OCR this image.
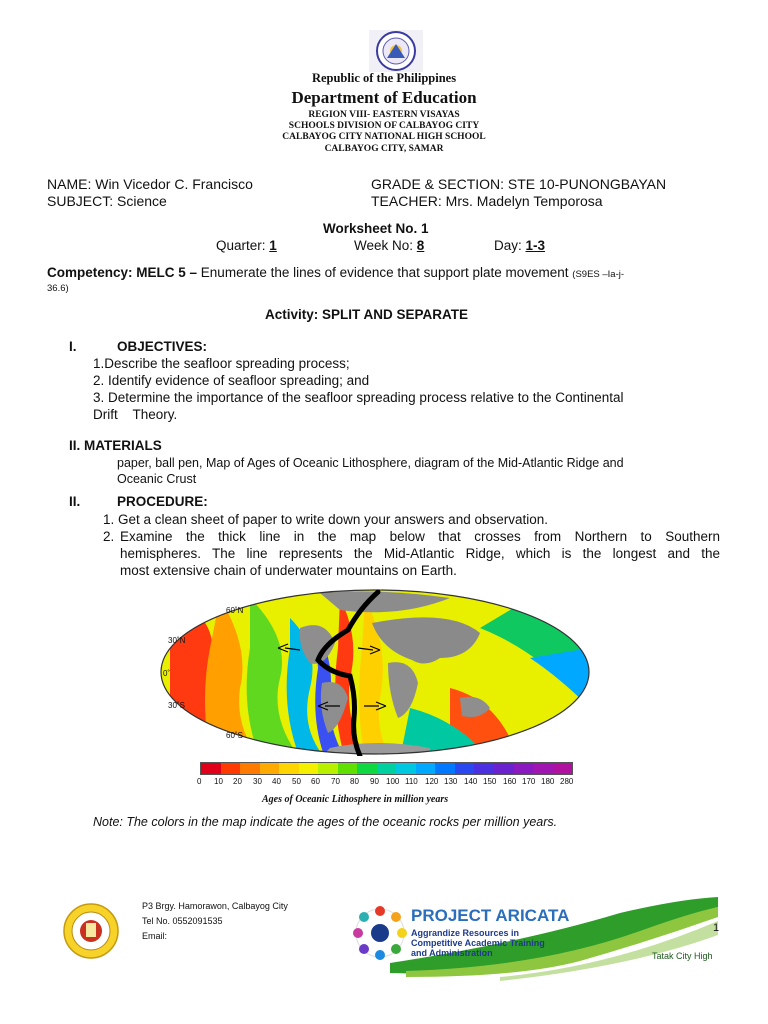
Republic of the Philippines
Department of Education
REGION VIII- EASTERN VISAYAS
SCHOOLS DIVISION OF CALBAYOG CITY
CALBAYOG CITY NATIONAL HIGH SCHOOL
CALBAYOG CITY, SAMAR
NAME: Win Vicedor C. Francisco
SUBJECT: Science
GRADE & SECTION: STE 10-PUNONGBAYAN
TEACHER: Mrs. Madelyn Temporosa
Worksheet No. 1
Quarter: 1	Week No: 8	Day: 1-3
Competency: MELC 5 – Enumerate the lines of evidence that support plate movement (S9ES –Ia-j-
36.6)
Activity: SPLIT AND SEPARATE
I.	OBJECTIVES:
1.Describe the seafloor spreading process;
2. Identify evidence of seafloor spreading; and
3. Determine the importance of the seafloor spreading process relative to the Continental
Drift    Theory.
II. MATERIALS
paper, ball pen, Map of Ages of Oceanic Lithosphere, diagram of the Mid-Atlantic Ridge and
Oceanic Crust
II.	PROCEDURE:
1. Get a clean sheet of paper to write down your answers and observation.
2. Examine the thick line in the map below that crosses from Northern to Southern
hemispheres. The line represents the Mid-Atlantic Ridge, which is the longest and the
most extensive chain of underwater mountains on Earth.
60˚N
30˚N
0˚
30˚S
60˚S
0 10 20 30 40 50 60 70 80 90 100 110 120 130 140 150 160 170 180 280
Ages of Oceanic Lithosphere in million years
Note: The colors in the map indicate the ages of the oceanic rocks per million years.
P3 Brgy. Hamorawon, Calbayog City
Tel No. 0552091535
Email:
PROJECT ARICATA
Aggrandize Resources in
Competitive Academic Training
and Administration	Tatak City High
1
